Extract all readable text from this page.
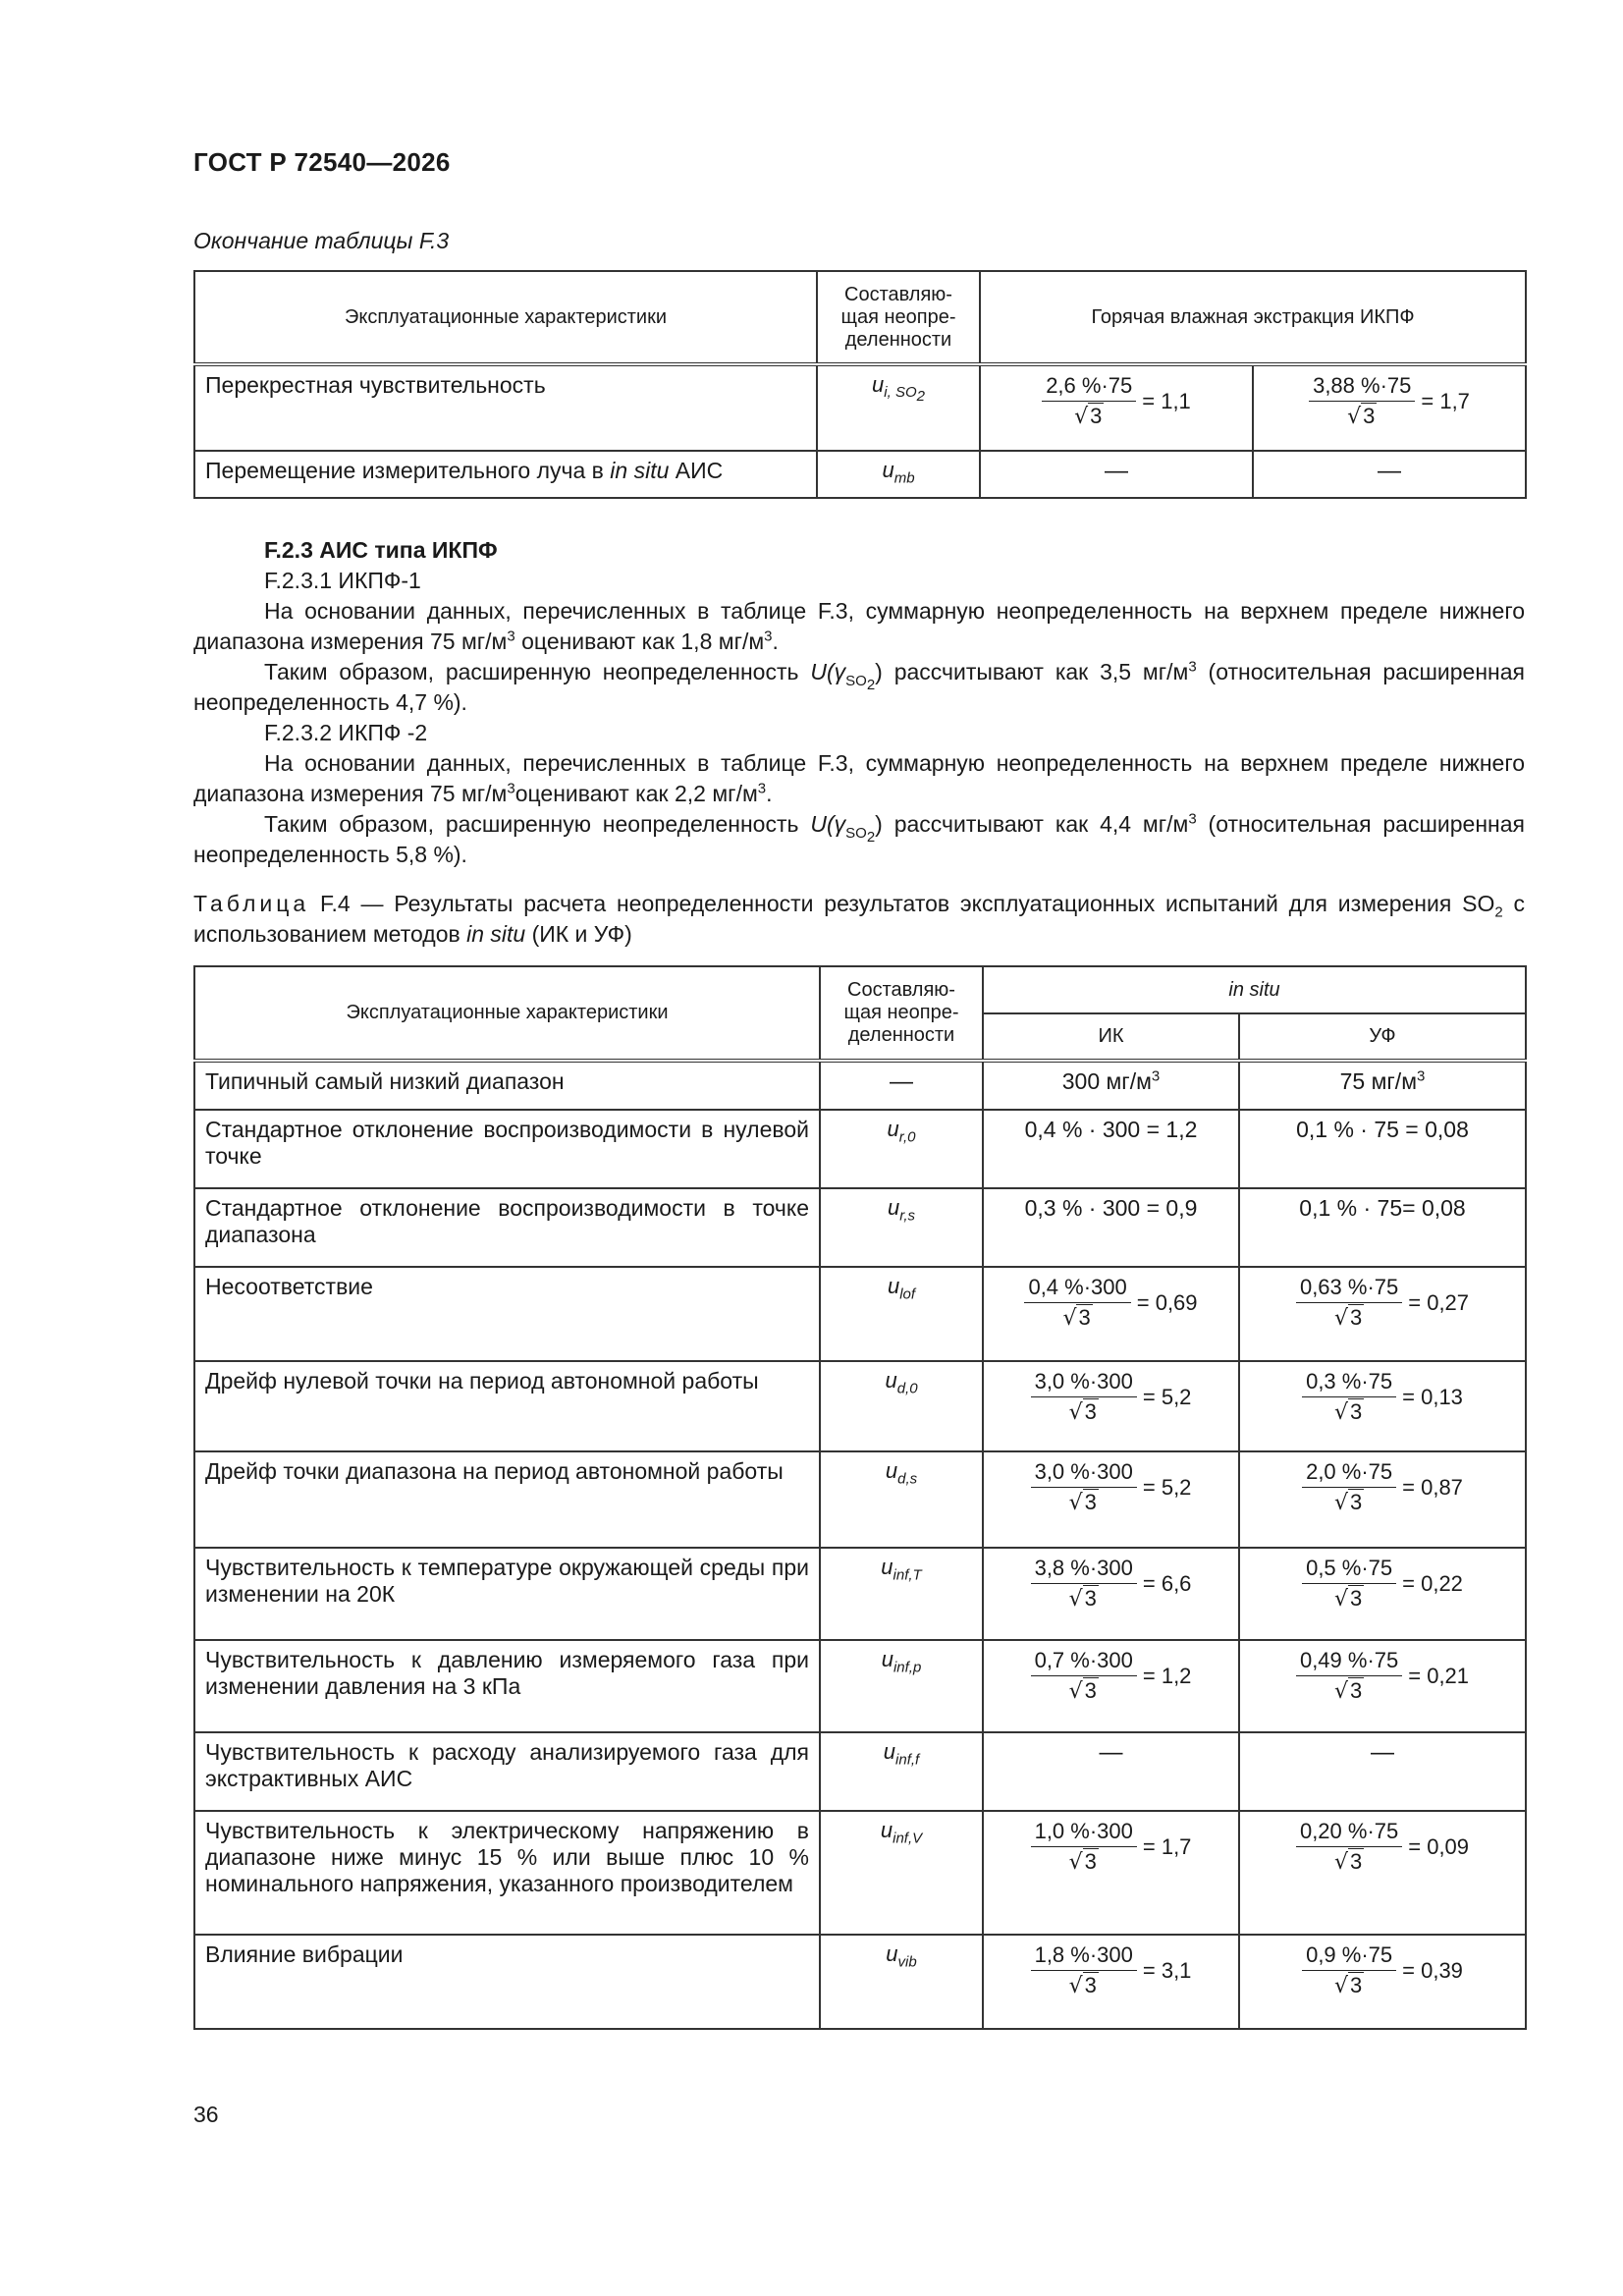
ГОСТ Р 72540—2026
Окончание таблицы F.3
Эксплуатационные характеристики	Составляю-щая неопре-деленности	Горячая влажная экстракция ИКПФ	
Перекрестная чувствительность	$u_{i, SO_2}$	$\frac{2,6 \%\cdot 75}{√3} = 1,1$	$\frac{3,88 \%\cdot 75}{√3} = 1,7$

Перемещение измерительного луча в in situ АИС	$u_{mb}$	—	—

F.2.3 АИС типа ИКПФ

F.2.3.1 ИКПФ-1

На основании данных, перечисленных в таблице F.3, суммарную неопределенность на верхнем пределе нижнего диапазона измерения 75 $мг/м^3$ оценивают как 1,8 $мг/м^3$.

Таким образом, расширенную неопределенность $U(\gamma_{SO_2})$ рассчитывают как 3,5 $мг/м^3$ (относительная расширенная неопределенность 4,7 %).

F.2.3.2 ИКПФ -2

На основании данных, перечисленных в таблице F.3, суммарную неопределенность на верхнем пределе нижнего диапазона измерения 75 $мг/м^3оценивают$ как 2,2 $мг/м^3$.

Таким образом, расширенную неопределенность $U(\gamma_{SO_2})$ рассчитывают как 4,4 $мг/м^3$ (относительная расширенная неопределенность 5,8 %).

Таблица F.4 — Результаты расчета неопределенности результатов эксплуатационных испытаний для измерения $SO_2$ с использованием методов in situ (ИК и УФ)
Эксплуатационные характеристики	Составляю-щая неопре-деленности	in situ	
		ИК	УФ
Типичный самый низкий диапазон	—	300 $мг/м^3$	75 $мг/м^3$
Стандартное отклонение воспроизводимости в нулевой точке	$u_{r,0}$	0,4 % · 300 = 1,2	0,1 % · 75 = 0,08
Стандартное отклонение воспроизводимости в точке диапазона	$u_{r,s}$	0,3 % · 300 = 0,9	0,1 % · 75= 0,08
Несоответствие	$u_{lof}$	$\frac{0,4 \%\cdot 300}{√3} = 0,69$	$\frac{0,63 \%\cdot 75}{√3} = 0,27$

Дрейф нулевой точки на период автономной работы	$u_{d,0}$	$\frac{3,0 \%\cdot 300}{√3} = 5,2$	$\frac{0,3 \%\cdot 75}{√3} = 0,13$

Дрейф точки диапазона на период автономной работы	$u_{d,s}$	$\frac{3,0 \%\cdot 300}{√3} = 5,2$	$\frac{2,0 \%\cdot 75}{√3} = 0,87$

Чувствительность к температуре окружающей среды при изменении на 20К	$u_{inf,T}$	$\frac{3,8 \%\cdot 300}{√3} = 6,6$	$\frac{0,5 \%\cdot 75}{√3} = 0,22$

Чувствительность к давлению измеряемого газа при изменении давления на 3 кПа	$u_{inf,p}$	$\frac{0,7 \%\cdot 300}{√3} = 1,2$	$\frac{0,49 \%\cdot 75}{√3} = 0,21$

Чувствительность к расходу анализируемого газа для экстрактивных АИС	$u_{inf,f}$	—	—
Чувствительность к электрическому напряжению в диапазоне ниже минус 15 % или выше плюс 10 % номинального напряжения, указанного производителем	$u_{inf,V}$	$\frac{1,0 \%\cdot 300}{√3} = 1,7$	$\frac{0,20 \%\cdot 75}{√3} = 0,09$

Влияние вибрации	$u_{vib}$	$\frac{1,8 \%\cdot 300}{√3} = 3,1$	$\frac{0,9 \%\cdot 75}{√3} = 0,39$
36
